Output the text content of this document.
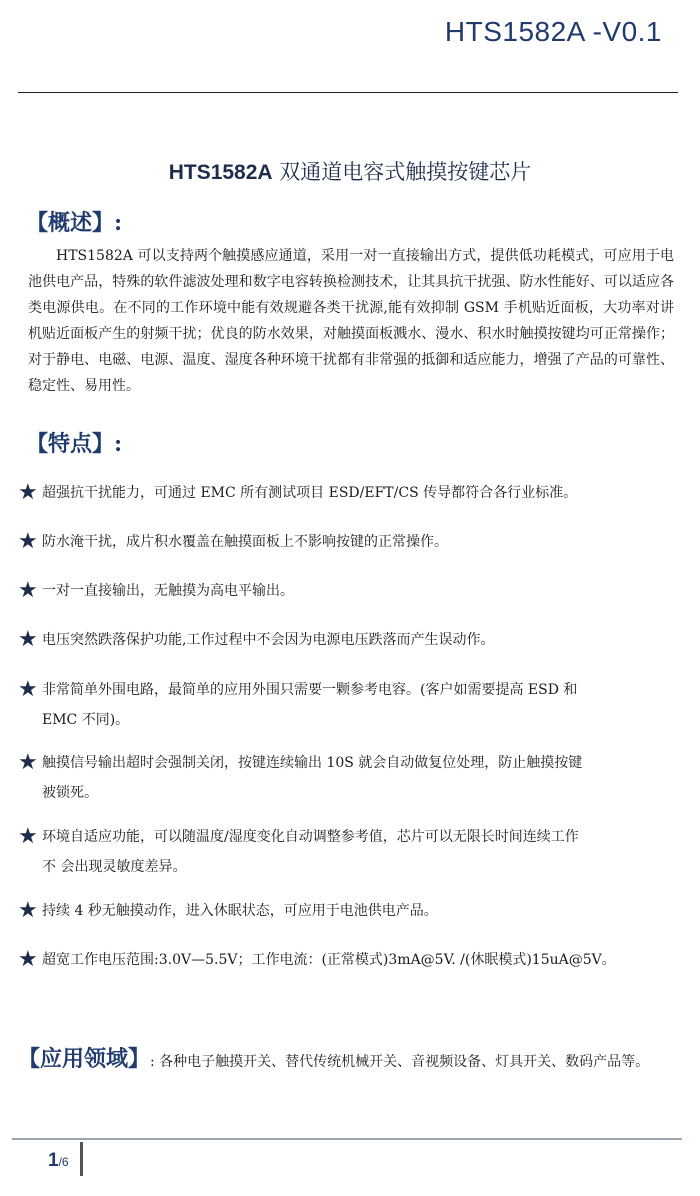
HTS1582A -V0.1
HTS1582A 双通道电容式触摸按键芯片
【概述】:
HTS1582A 可以支持两个触摸感应通道，采用一对一直接输出方式，提供低功耗模式，可应用于电池供电产品，特殊的软件滤波处理和数字电容转换检测技术，让其具抗干扰强、防水性能好、可以适应各类电源供电。在不同的工作环境中能有效规避各类干扰源,能有效抑制 GSM 手机贴近面板，大功率对讲机贴近面板产生的射频干扰；优良的防水效果，对触摸面板溅水、漫水、积水时触摸按键均可正常操作；对于静电、电磁、电源、温度、湿度各种环境干扰都有非常强的抵御和适应能力，增强了产品的可靠性、稳定性、易用性。
【特点】:
★ 超强抗干扰能力，可通过 EMC 所有测试项目 ESD/EFT/CS 传导都符合各行业标准。
★ 防水淹干扰，成片积水覆盖在触摸面板上不影响按键的正常操作。
★ 一对一直接输出，无触摸为高电平输出。
★ 电压突然跌落保护功能,工作过程中不会因为电源电压跌落而产生误动作。
★ 非常简单外围电路，最简单的应用外围只需要一颗参考电容。(客户如需要提高 ESD 和
EMC 不同)。
★ 触摸信号输出超时会强制关闭，按键连续输出 10S 就会自动做复位处理，防止触摸按键
被锁死。
★ 环境自适应功能，可以随温度/湿度变化自动调整参考值，芯片可以无限长时间连续工作
不 会出现灵敏度差异。
★ 持续 4 秒无触摸动作，进入休眠状态，可应用于电池供电产品。
★ 超宽工作电压范围:3.0V—5.5V；工作电流：(正常模式)3mA@5V. /(休眠模式)15uA@5V。
【应用领域】: 各种电子触摸开关、替代传统机械开关、音视频设备、灯具开关、数码产品等。
1/6
